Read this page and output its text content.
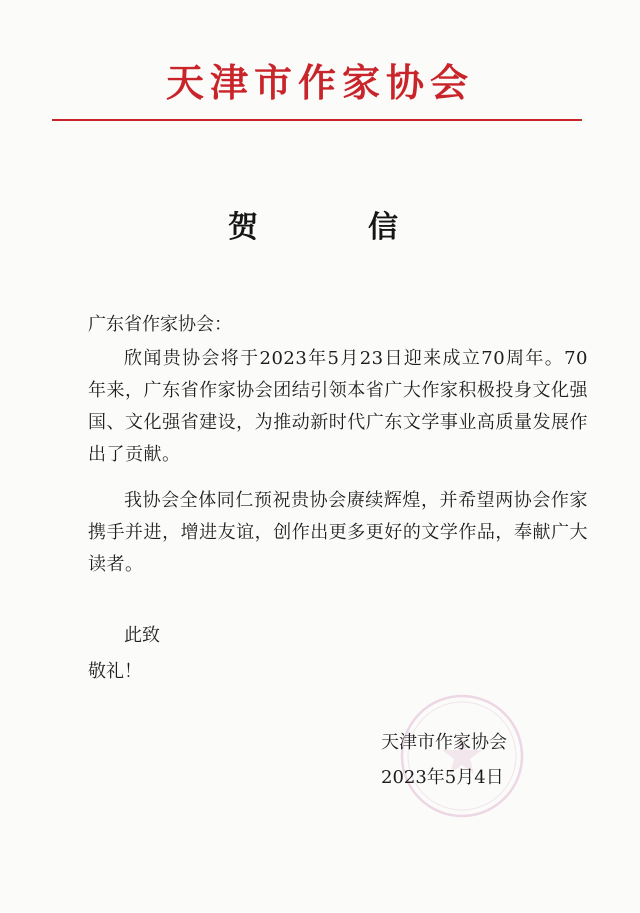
天津市作家协会
贺	信
广东省作家协会：

欣闻贵协会将于2023年5月23日迎来成立70周年。70年来，广东省作家协会团结引领本省广大作家积极投身文化强国、文化强省建设，为推动新时代广东文学事业高质量发展作出了贡献。

我协会全体同仁预祝贵协会赓续辉煌，并希望两协会作家携手并进，增进友谊，创作出更多更好的文学作品，奉献广大读者。

此致
敬礼！
天津市作家协会
2023年5月4日
